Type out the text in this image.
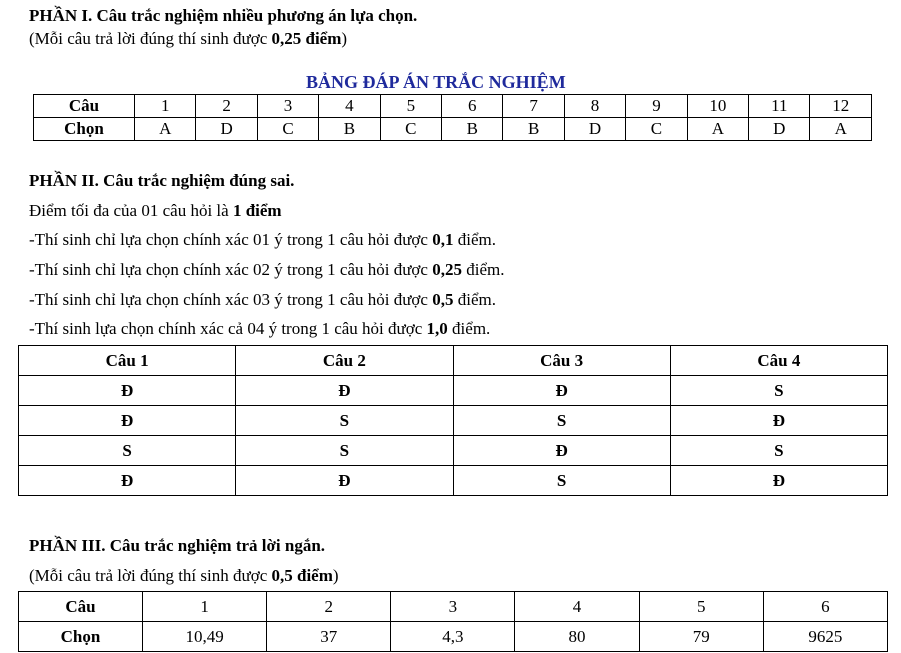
PHẦN I. Câu trắc nghiệm nhiều phương án lựa chọn.
(Mỗi câu trả lời đúng thí sinh được 0,25 điểm)
BẢNG ĐÁP ÁN TRẮC NGHIỆM
Câu	1	2	3	4	5	6	7	8	9	10	11	12
Chọn	A	D	C	B	C	B	B	D	C	A	D	A
PHẦN II. Câu trắc nghiệm đúng sai.
Điểm tối đa của 01 câu hỏi là 1 điểm
-Thí sinh chỉ lựa chọn chính xác 01 ý trong 1 câu hỏi được 0,1 điểm.
-Thí sinh chỉ lựa chọn chính xác 02 ý trong 1 câu hỏi được 0,25 điểm.
-Thí sinh chỉ lựa chọn chính xác 03 ý trong 1 câu hỏi được 0,5 điểm.
-Thí sinh lựa chọn chính xác cả 04 ý trong 1 câu hỏi được 1,0 điểm.
Câu 1	Câu 2	Câu 3	Câu 4
Đ	Đ	Đ	S
Đ	S	S	Đ
S	S	Đ	S
Đ	Đ	S	Đ
PHẦN III. Câu trắc nghiệm trả lời ngắn.
(Mỗi câu trả lời đúng thí sinh được 0,5 điểm)
Câu	1	2	3	4	5	6
Chọn	10,49	37	4,3	80	79	9625
